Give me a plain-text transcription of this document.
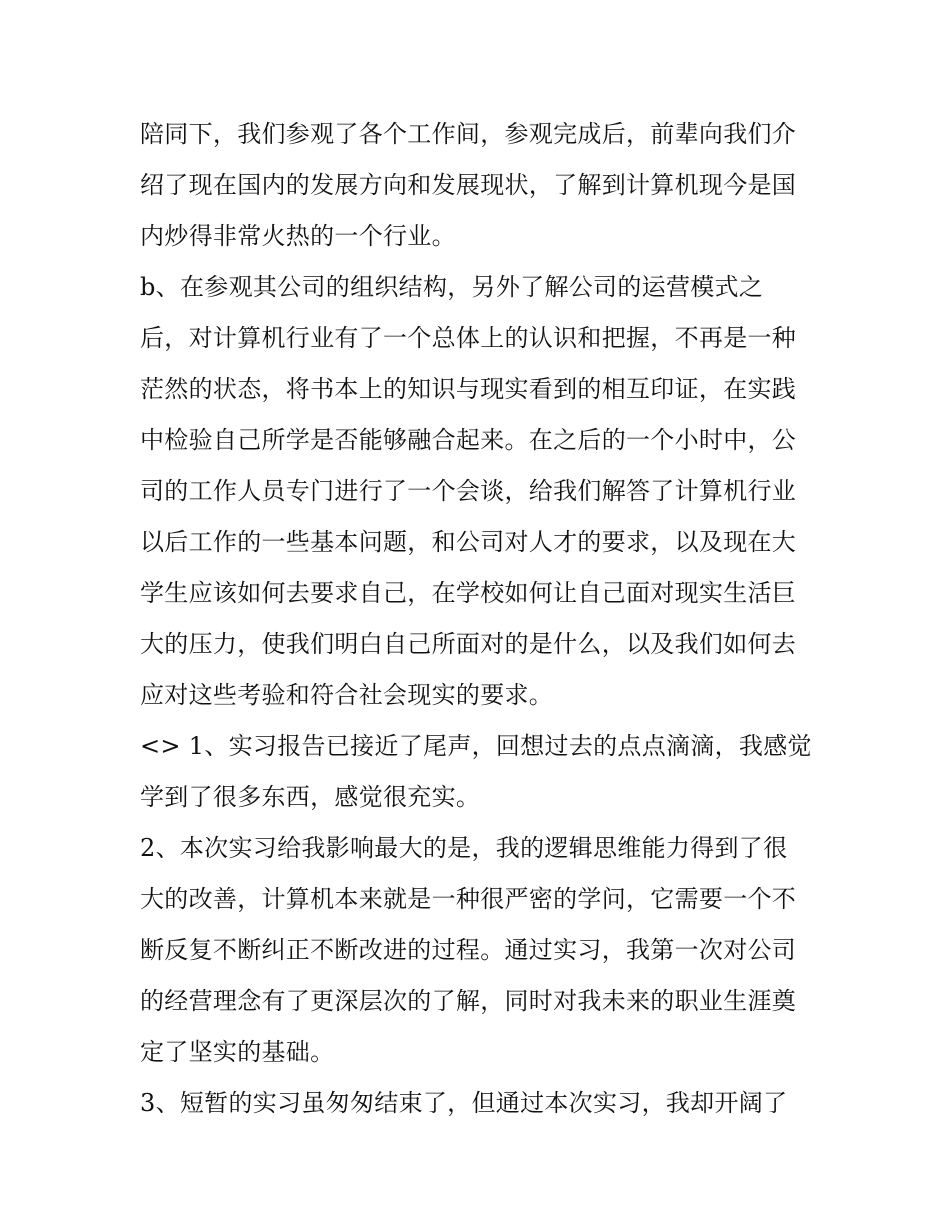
陪同下，我们参观了各个工作间，参观完成后，前辈向我们介
绍了现在国内的发展方向和发展现状，了解到计算机现今是国
内炒得非常火热的一个行业。
b、在参观其公司的组织结构，另外了解公司的运营模式之
后，对计算机行业有了一个总体上的认识和把握，不再是一种
茫然的状态，将书本上的知识与现实看到的相互印证，在实践
中检验自己所学是否能够融合起来。在之后的一个小时中，公
司的工作人员专门进行了一个会谈，给我们解答了计算机行业
以后工作的一些基本问题，和公司对人才的要求，以及现在大
学生应该如何去要求自己，在学校如何让自己面对现实生活巨
大的压力，使我们明白自己所面对的是什么，以及我们如何去
应对这些考验和符合社会现实的要求。
<> 1、实习报告已接近了尾声，回想过去的点点滴滴，我感觉
学到了很多东西，感觉很充实。
2、本次实习给我影响最大的是，我的逻辑思维能力得到了很
大的改善，计算机本来就是一种很严密的学问，它需要一个不
断反复不断纠正不断改进的过程。通过实习，我第一次对公司
的经营理念有了更深层次的了解，同时对我未来的职业生涯奠
定了坚实的基础。
3、短暂的实习虽匆匆结束了，但通过本次实习，我却开阔了
